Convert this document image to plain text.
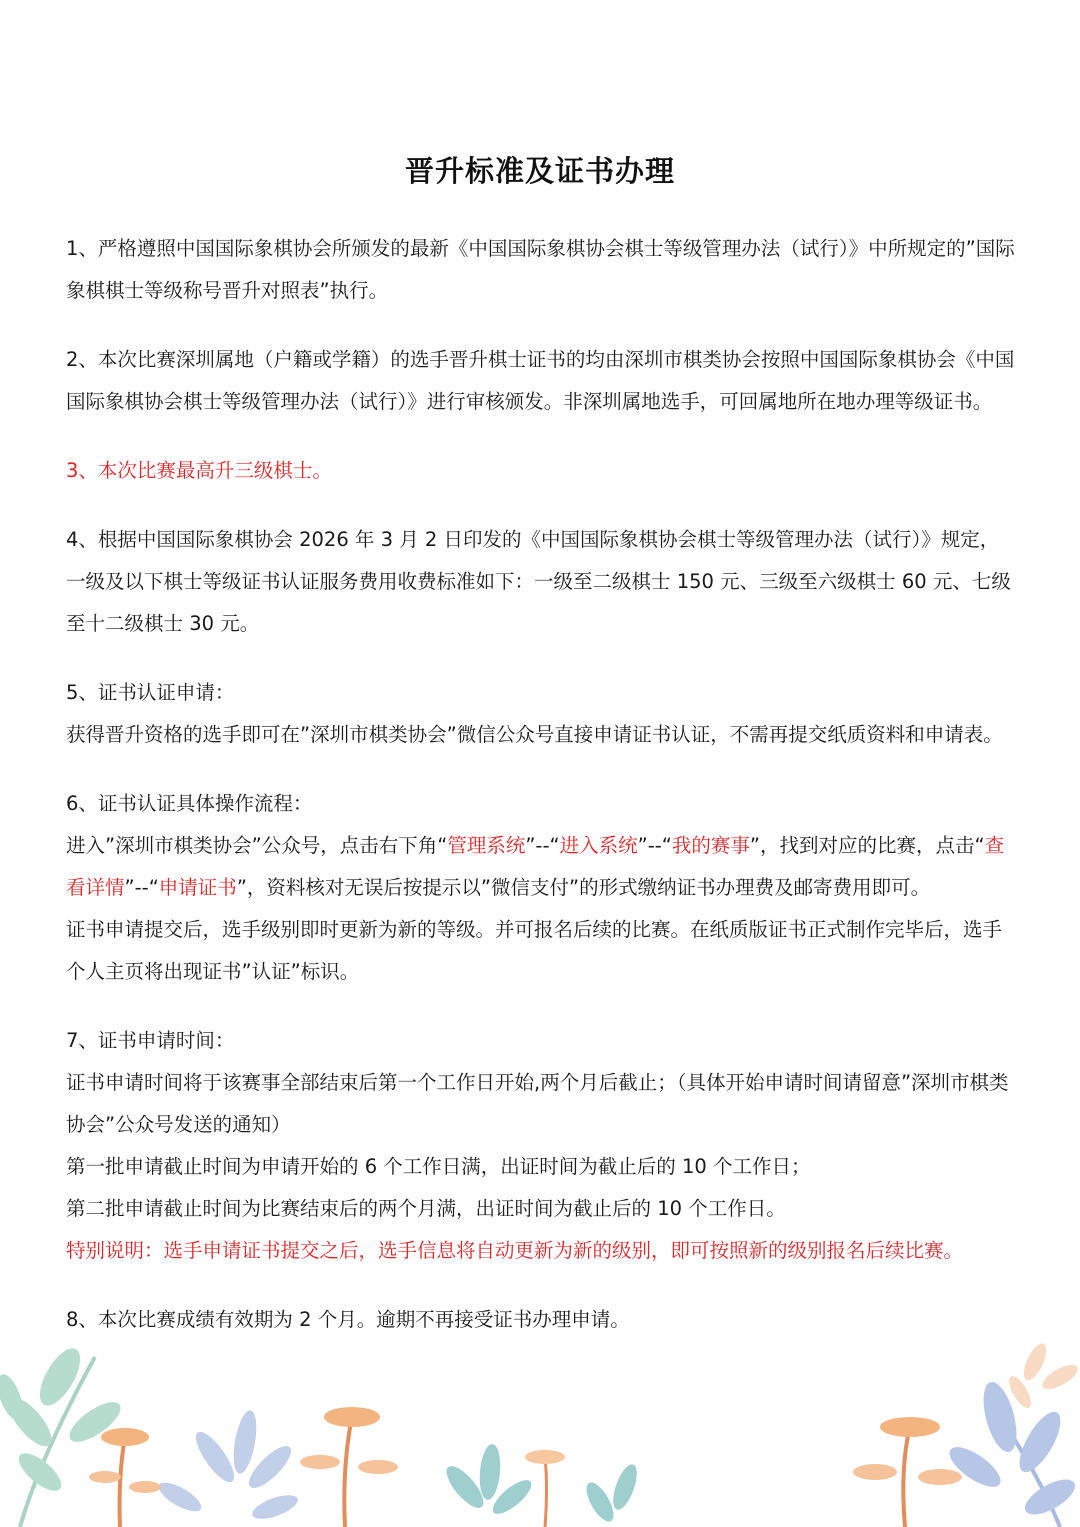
晋升标准及证书办理

1、严格遵照中国国际象棋协会所颁发的最新《中国国际象棋协会棋士等级管理办法（试行）》中所规定的”国际象棋棋士等级称号晋升对照表”执行。

2、本次比赛深圳属地（户籍或学籍）的选手晋升棋士证书的均由深圳市棋类协会按照中国国际象棋协会《中国国际象棋协会棋士等级管理办法（试行）》进行审核颁发。非深圳属地选手，可回属地所在地办理等级证书。

3、本次比赛最高升三级棋士。

4、根据中国国际象棋协会 2026 年 3 月 2 日印发的《中国国际象棋协会棋士等级管理办法（试行）》规定，一级及以下棋士等级证书认证服务费用收费标准如下：一级至二级棋士 150 元、三级至六级棋士 60 元、七级至十二级棋士 30 元。

5、证书认证申请：

获得晋升资格的选手即可在”深圳市棋类协会”微信公众号直接申请证书认证，不需再提交纸质资料和申请表。

6、证书认证具体操作流程：

进入”深圳市棋类协会”公众号，点击右下角“管理系统”--“进入系统”--“我的赛事”，找到对应的比赛，点击“查看详情”--“申请证书”，资料核对无误后按提示以”微信支付”的形式缴纳证书办理费及邮寄费用即可。

证书申请提交后，选手级别即时更新为新的等级。并可报名后续的比赛。在纸质版证书正式制作完毕后，选手个人主页将出现证书”认证”标识。

7、证书申请时间：

证书申请时间将于该赛事全部结束后第一个工作日开始,两个月后截止；（具体开始申请时间请留意”深圳市棋类协会”公众号发送的通知）

第一批申请截止时间为申请开始的 6 个工作日满，出证时间为截止后的 10 个工作日；

第二批申请截止时间为比赛结束后的两个月满，出证时间为截止后的 10 个工作日。

特别说明：选手申请证书提交之后，选手信息将自动更新为新的级别，即可按照新的级别报名后续比赛。

8、本次比赛成绩有效期为 2 个月。逾期不再接受证书办理申请。
